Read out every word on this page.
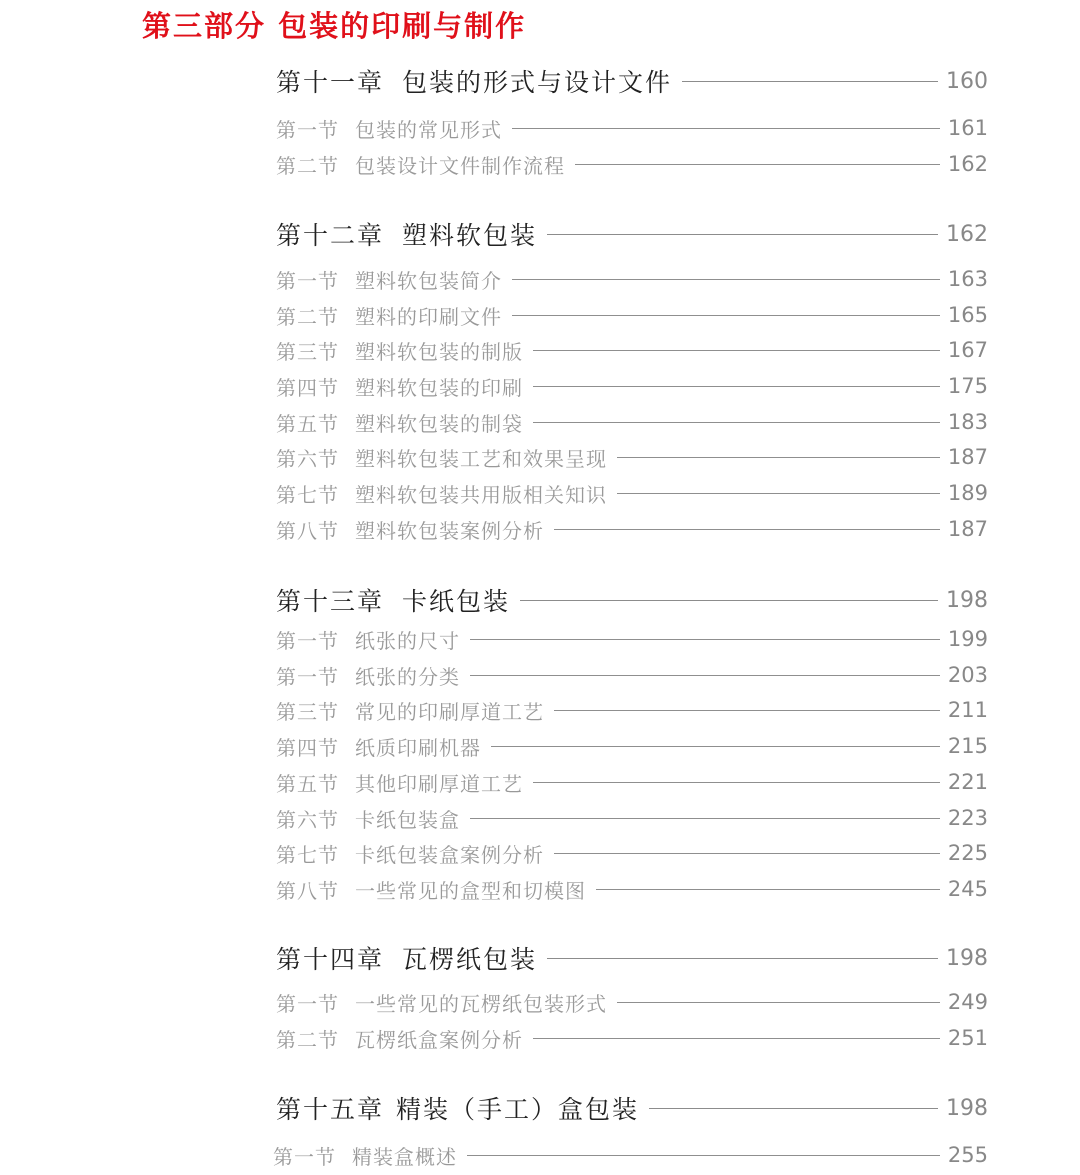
第三部分 包装的印刷与制作
第十一章 包装的形式与设计文件	160
第一节 包装的常见形式	161
第二节 包装设计文件制作流程	162
第十二章 塑料软包装	162
第一节 塑料软包装简介	163
第二节 塑料的印刷文件	165
第三节 塑料软包装的制版	167
第四节 塑料软包装的印刷	175
第五节 塑料软包装的制袋	183
第六节 塑料软包装工艺和效果呈现	187
第七节 塑料软包装共用版相关知识	189
第八节 塑料软包装案例分析	187
第十三章 卡纸包装	198
第一节 纸张的尺寸	199
第一节 纸张的分类	203
第三节 常见的印刷厚道工艺	211
第四节 纸质印刷机器	215
第五节 其他印刷厚道工艺	221
第六节 卡纸包装盒	223
第七节 卡纸包装盒案例分析	225
第八节 一些常见的盒型和切模图	245
第十四章 瓦楞纸包装	198
第一节 一些常见的瓦楞纸包装形式	249
第二节 瓦楞纸盒案例分析	251
第十五章 精装（手工）盒包装	198
第一节 精装盒概述	255
